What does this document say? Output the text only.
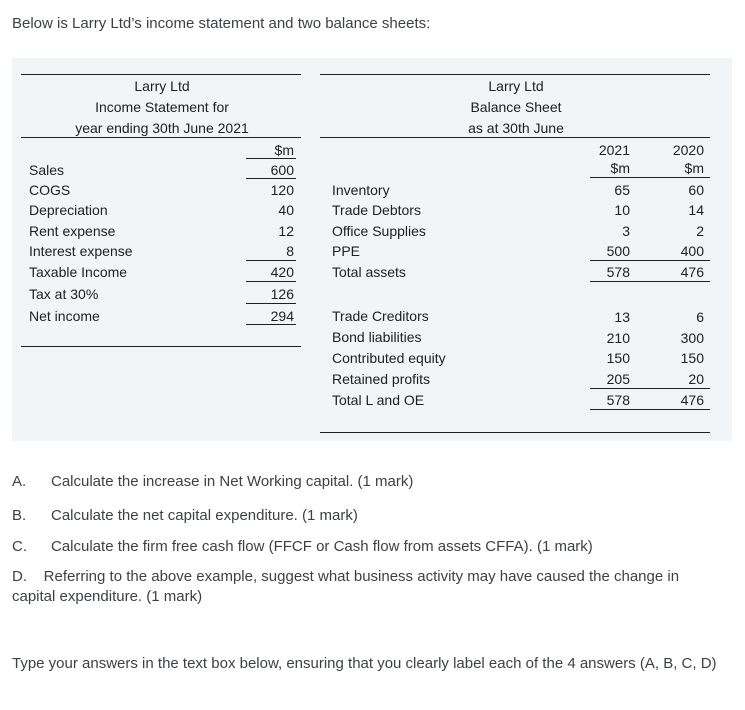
Below is Larry Ltd’s income statement and two balance sheets:
Larry Ltd
Income Statement for
year ending 30th June 2021
$m
Sales	600
COGS	120
Depreciation	40
Rent expense	12
Interest expense	8
Taxable Income	420
Tax at 30%	126
Net income	294
Larry Ltd
Balance Sheet
as at 30th June
2021	2020
$m	$m
Inventory	65	60
Trade Debtors	10	14
Office Supplies	3	2
PPE	500	400
Total assets	578	476
Trade Creditors	13	6
Bond liabilities	210	300
Contributed equity	150	150
Retained profits	205	20
Total L and OE	578	476
A. Calculate the increase in Net Working capital. (1 mark)
B. Calculate the net capital expenditure. (1 mark)
C. Calculate the firm free cash flow (FFCF or Cash flow from assets CFFA). (1 mark)
D. Referring to the above example, suggest what business activity may have caused the change in capital expenditure. (1 mark)
Type your answers in the text box below, ensuring that you clearly label each of the 4 answers (A, B, C, D)
